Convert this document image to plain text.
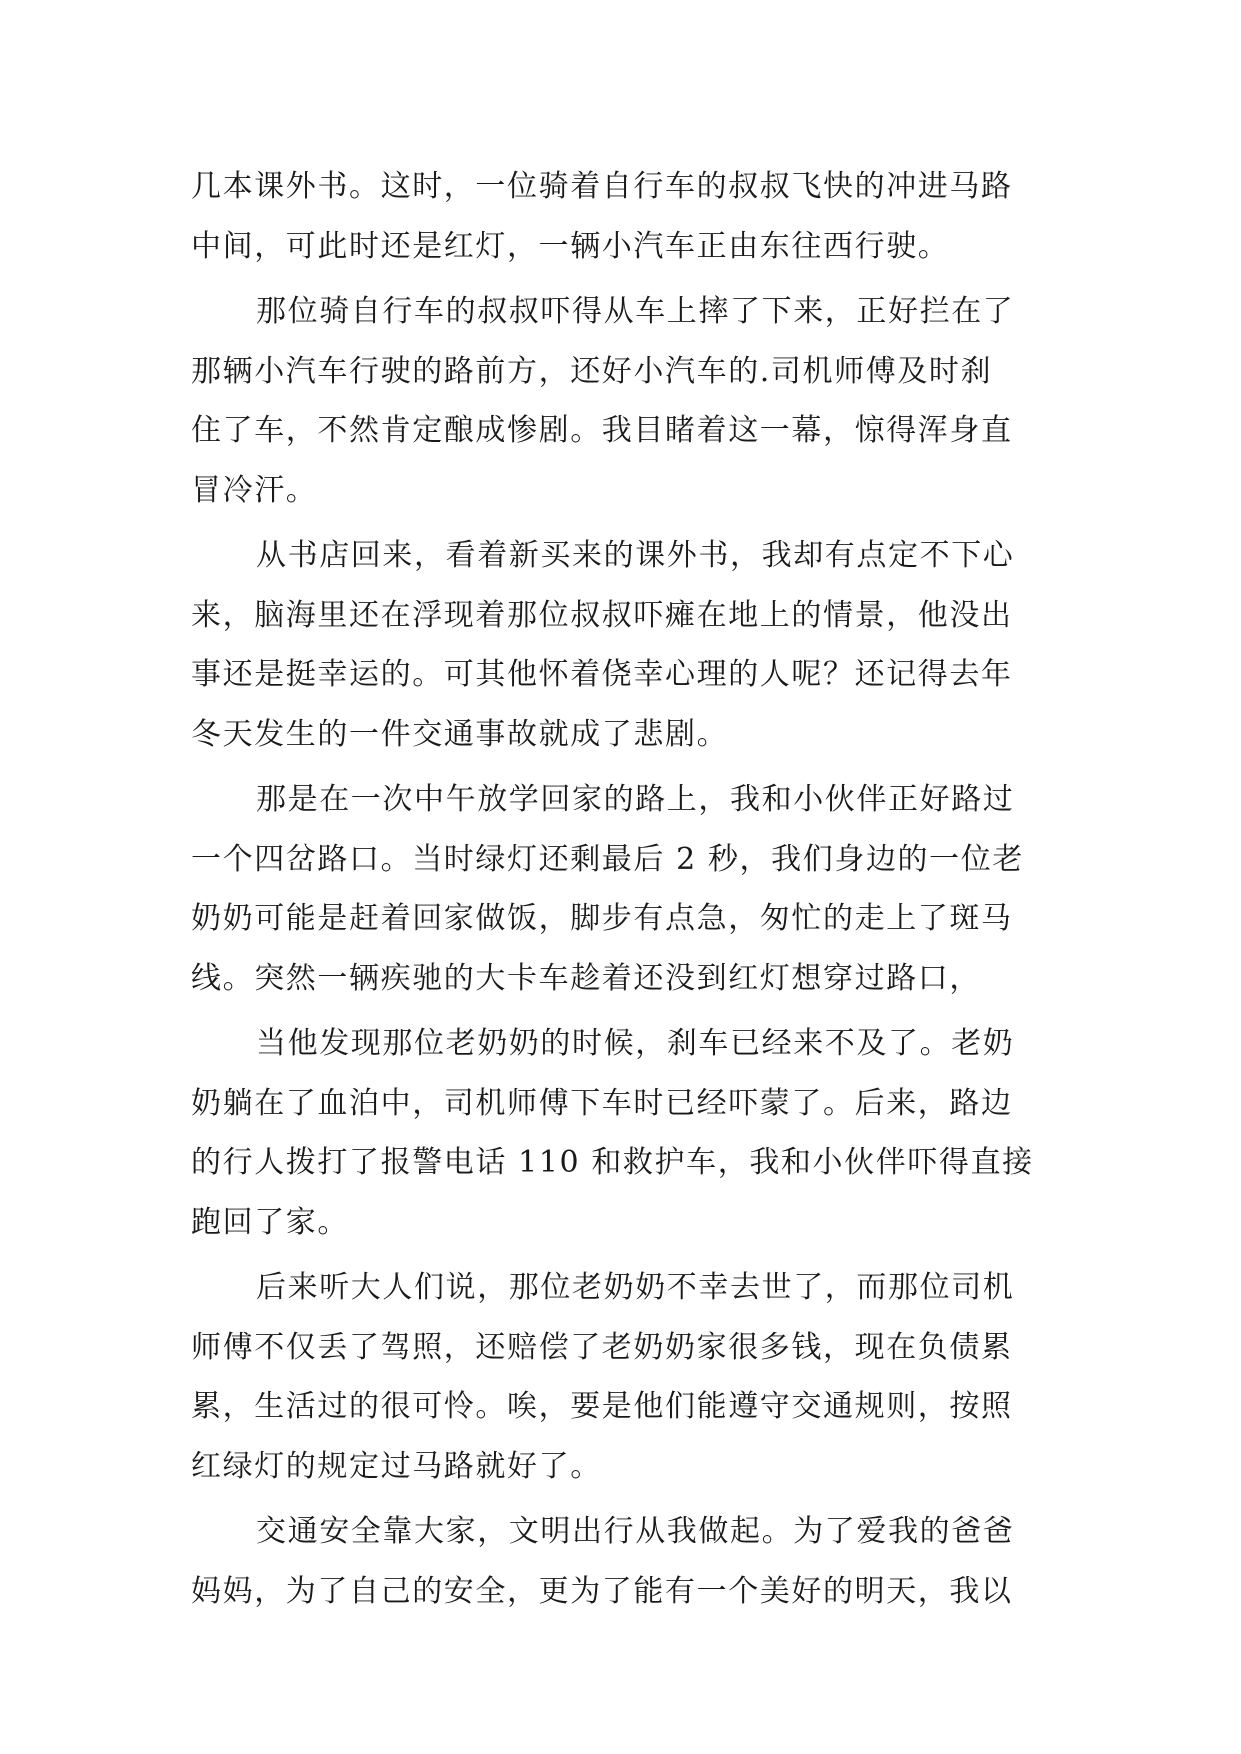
几本课外书。这时，一位骑着自行车的叔叔飞快的冲进马路
中间，可此时还是红灯，一辆小汽车正由东往西行驶。
那位骑自行车的叔叔吓得从车上摔了下来，正好拦在了
那辆小汽车行驶的路前方，还好小汽车的.司机师傅及时刹
住了车，不然肯定酿成惨剧。我目睹着这一幕，惊得浑身直
冒冷汗。
从书店回来，看着新买来的课外书，我却有点定不下心
来，脑海里还在浮现着那位叔叔吓瘫在地上的情景，他没出
事还是挺幸运的。可其他怀着侥幸心理的人呢？还记得去年
冬天发生的一件交通事故就成了悲剧。
那是在一次中午放学回家的路上，我和小伙伴正好路过
一个四岔路口。当时绿灯还剩最后 2 秒，我们身边的一位老
奶奶可能是赶着回家做饭，脚步有点急，匆忙的走上了斑马
线。突然一辆疾驰的大卡车趁着还没到红灯想穿过路口，
当他发现那位老奶奶的时候，刹车已经来不及了。老奶
奶躺在了血泊中，司机师傅下车时已经吓蒙了。后来，路边
的行人拨打了报警电话 110 和救护车，我和小伙伴吓得直接
跑回了家。
后来听大人们说，那位老奶奶不幸去世了，而那位司机
师傅不仅丢了驾照，还赔偿了老奶奶家很多钱，现在负债累
累，生活过的很可怜。唉，要是他们能遵守交通规则，按照
红绿灯的规定过马路就好了。
交通安全靠大家，文明出行从我做起。为了爱我的爸爸
妈妈，为了自己的安全，更为了能有一个美好的明天，我以
